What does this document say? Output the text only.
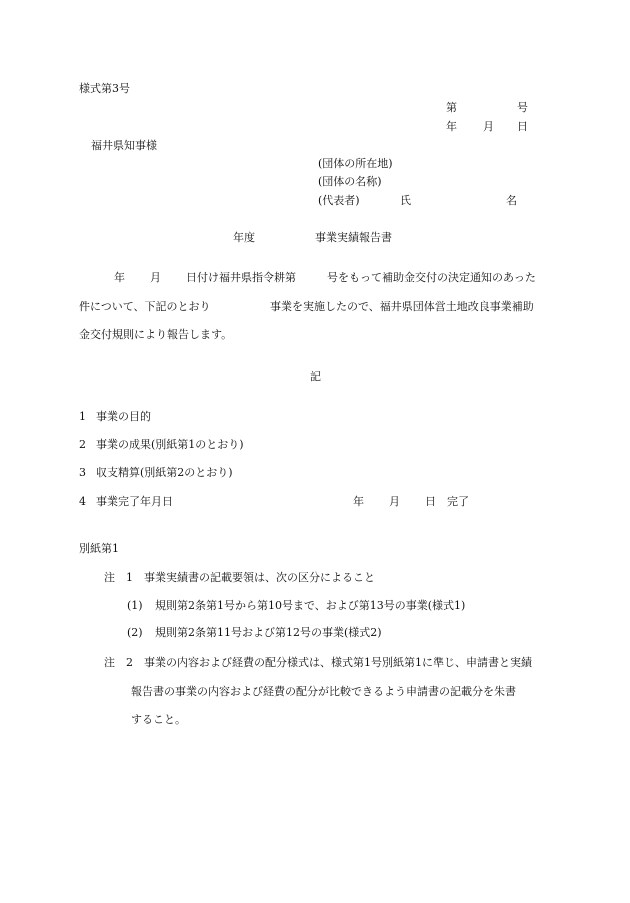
様式第3号
第	号
年 月 日
福井県知事様
(団体の所在地)
(団体の名称)
(代表者)	氏	名
年度	事業実績報告書
年 月 日付け福井県指令耕第	号をもって補助金交付の決定通知のあった
件について、下記のとおり	事業を実施したので、福井県団体営土地改良事業補助
金交付規則により報告します。
記
1 事業の目的
2 事業の成果(別紙第1のとおり)
3 収支精算(別紙第2のとおり)
4 事業完了年月日	年 月 日 完了
別紙第1
注 1 事業実績書の記載要領は、次の区分によること
(1) 規則第2条第1号から第10号まで、および第13号の事業(様式1)
(2) 規則第2条第11号および第12号の事業(様式2)
注 2 事業の内容および経費の配分様式は、様式第1号別紙第1に準じ、申請書と実績
報告書の事業の内容および経費の配分が比較できるよう申請書の記載分を朱書
すること。
